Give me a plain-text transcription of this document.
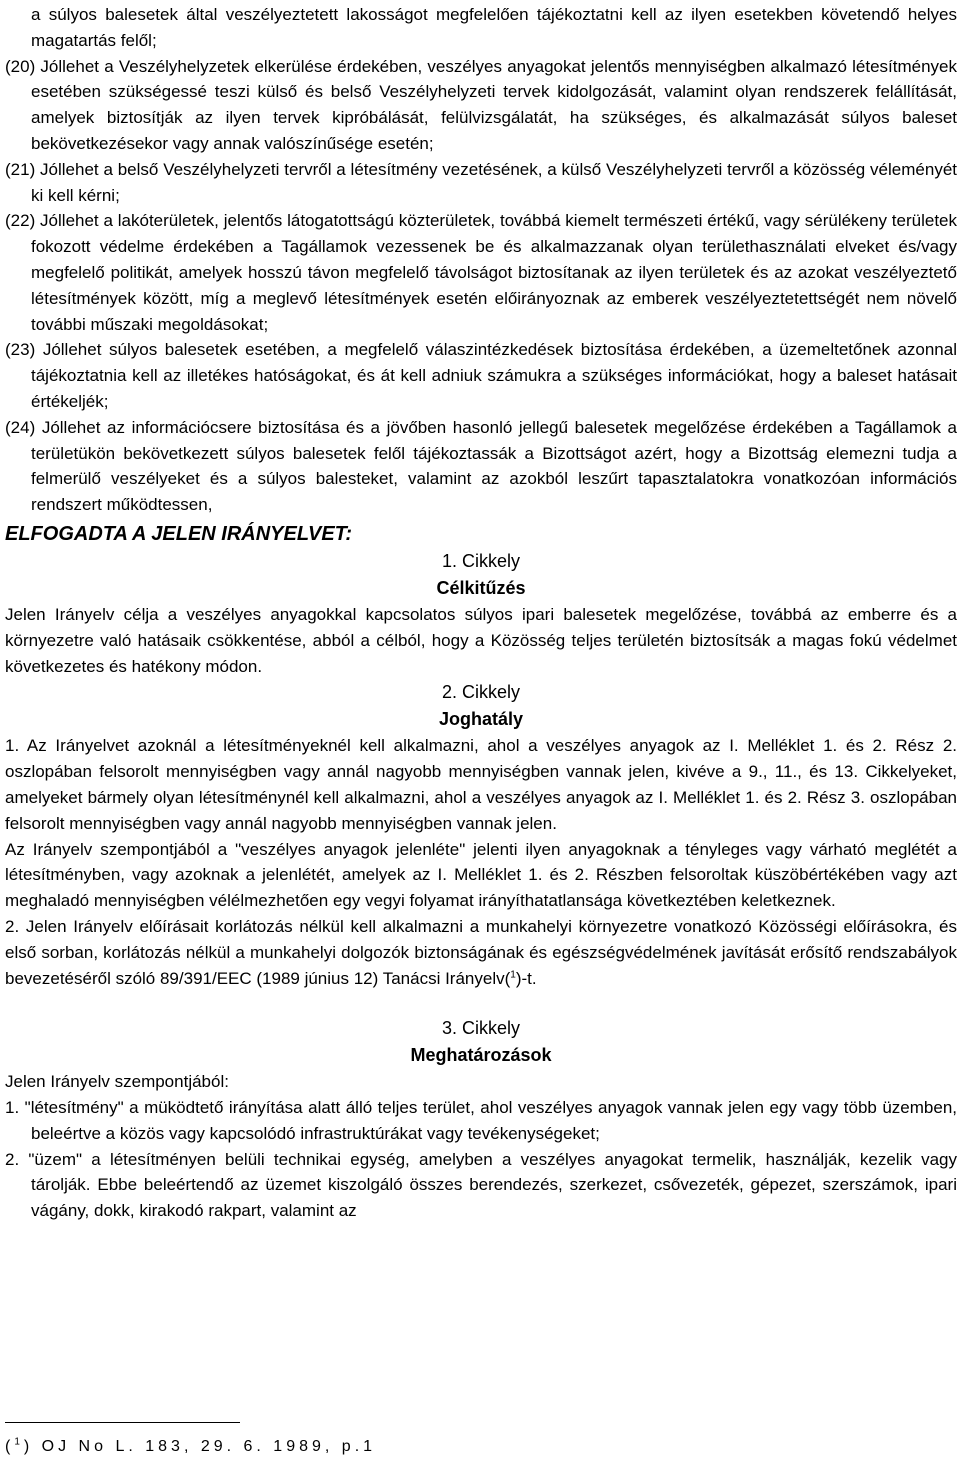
a súlyos balesetek által veszélyeztetett lakosságot megfelelően tájékoztatni kell az ilyen esetekben követendő helyes magatartás felől;
(20) Jóllehet a Veszélyhelyzetek elkerülése érdekében, veszélyes anyagokat jelentős mennyiségben alkalmazó létesítmények esetében szükségessé teszi külső és belső Veszélyhelyzeti tervek kidolgozását, valamint olyan rendszerek felállítását, amelyek biztosítják az ilyen tervek kipróbálását, felülvizsgálatát, ha szükséges, és alkalmazását súlyos baleset bekövetkezésekor vagy annak valószínűsége esetén;
(21) Jóllehet a belső Veszélyhelyzeti tervről a létesítmény vezetésének, a külső Veszélyhelyzeti tervről a közösség véleményét ki kell kérni;
(22) Jóllehet a lakóterületek, jelentős látogatottságú közterületek, továbbá kiemelt természeti értékű, vagy sérülékeny területek fokozott védelme érdekében a Tagállamok vezessenek be és alkalmazzanak olyan területhasználati elveket és/vagy megfelelő politikát, amelyek hosszú távon megfelelő távolságot biztosítanak az ilyen területek és az azokat veszélyeztető létesítmények között, míg a meglevő létesítmények esetén előirányoznak az emberek veszélyeztetettségét nem növelő további műszaki megoldásokat;
(23) Jóllehet súlyos balesetek esetében, a megfelelő válaszintézkedések biztosítása érdekében, a üzemeltetőnek azonnal tájékoztatnia kell az illetékes hatóságokat, és át kell adniuk számukra a szükséges információkat, hogy a baleset hatásait értékeljék;
(24) Jóllehet az információcsere biztosítása és a jövőben hasonló jellegű balesetek megelőzése érdekében a Tagállamok a területükön bekövetkezett súlyos balesetek felől tájékoztassák a Bizottságot azért, hogy a Bizottság elemezni tudja a felmerülő veszélyeket és a súlyos balesteket, valamint az azokból leszűrt tapasztalatokra vonatkozóan információs rendszert működtessen,
ELFOGADTA A JELEN IRÁNYELVET:
1. Cikkely
Célkitűzés
Jelen Irányelv célja a veszélyes anyagokkal kapcsolatos súlyos ipari balesetek megelőzése, továbbá az emberre és a környezetre való hatásaik csökkentése, abból a célból, hogy a Közösség teljes területén biztosítsák a magas fokú védelmet következetes és hatékony módon.
2. Cikkely
Joghatály
1. Az Irányelvet azoknál a létesítményeknél kell alkalmazni, ahol a veszélyes anyagok az I. Melléklet 1. és 2. Rész 2. oszlopában felsorolt mennyiségben vagy annál nagyobb mennyiségben vannak jelen, kivéve a 9., 11., és 13. Cikkelyeket, amelyeket bármely olyan létesítménynél kell alkalmazni, ahol a veszélyes anyagok az I. Melléklet 1. és 2. Rész 3. oszlopában felsorolt mennyiségben vagy annál nagyobb mennyiségben vannak jelen.
Az Irányelv szempontjából a "veszélyes anyagok jelenléte" jelenti ilyen anyagoknak a tényleges vagy várható meglétét a létesítményben, vagy azoknak a jelenlétét, amelyek az I. Melléklet 1. és 2. Részben felsoroltak küszöbértékében vagy azt meghaladó mennyiségben vélélmezhetően egy vegyi folyamat irányíthatatlansága következtében keletkeznek.
2. Jelen Irányelv előírásait korlátozás nélkül kell alkalmazni a munkahelyi környezetre vonatkozó Közösségi előírásokra, és első sorban, korlátozás nélkül a munkahelyi dolgozók biztonságának és egészségvédelmének javítását erősítő rendszabályok bevezetéséről szóló 89/391/EEC (1989 június 12) Tanácsi Irányelv($^1$)-t.
3. Cikkely
Meghatározások
Jelen Irányelv szempontjából:
1. "létesítmény" a müködtető irányítása alatt álló teljes terület, ahol veszélyes anyagok vannak jelen egy vagy több üzemben, beleértve a közös vagy kapcsolódó infrastruktúrákat vagy tevékenységeket;
2. "üzem" a létesítményen belüli technikai egység, amelyben a veszélyes anyagokat termelik, használják, kezelik vagy tárolják. Ebbe beleértendő az üzemet kiszolgáló összes berendezés, szerkezet, csővezeték, gépezet, szerszámok, ipari vágány, dokk, kirakodó rakpart, valamint az
($^1$) OJ No L. 183, 29. 6. 1989, p.1
